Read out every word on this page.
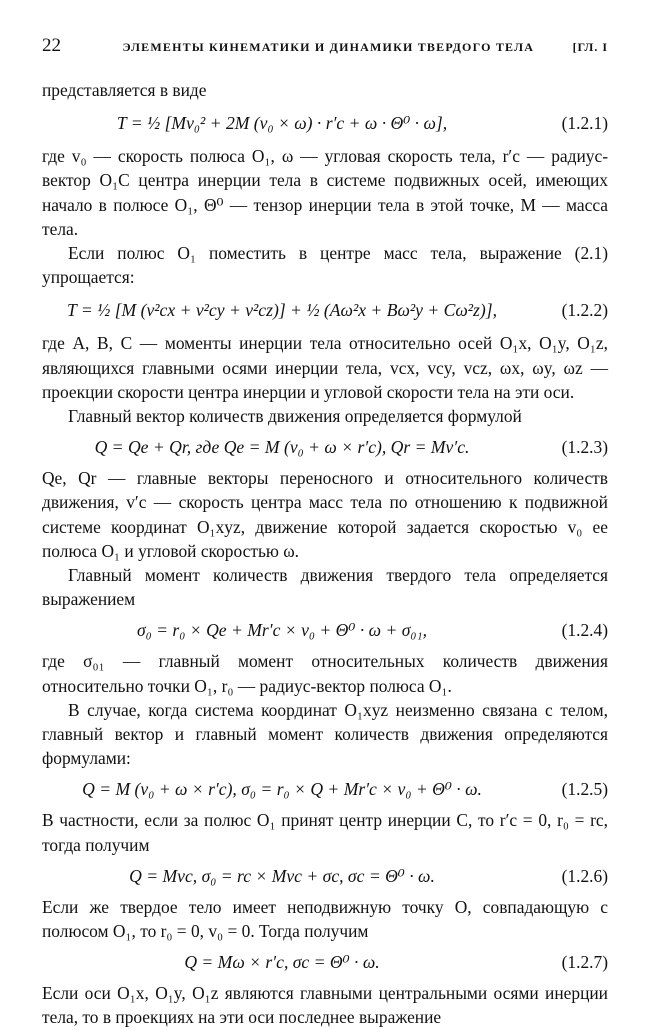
22	ЭЛЕМЕНТЫ КИНЕМАТИКИ И ДИНАМИКИ ТВЕРДОГО ТЕЛА	[ГЛ. I

представляется в виде

T = ½ [Mv₀² + 2M (v₀ × ω) · r′c + ω · Θ⁰ · ω],	(1.2.1)

где v₀ — скорость полюса O₁, ω — угловая скорость тела, r′c — радиус-вектор O₁C центра инерции тела в системе подвижных осей, имеющих начало в полюсе O₁, Θ⁰ — тензор инерции тела в этой точке, M — масса тела.

Если полюс O₁ поместить в центре масс тела, выражение (2.1) упрощается:

T = ½ [M (v²cx + v²cy + v²cz)] + ½ (Aω²x + Bω²y + Cω²z)],	(1.2.2)

где A, B, C — моменты инерции тела относительно осей O₁x, O₁y, O₁z, являющихся главными осями инерции тела, vcx, vcy, vcz, ωx, ωy, ωz — проекции скорости центра инерции и угловой скорости тела на эти оси.

Главный вектор количеств движения определяется формулой

Q = Qe + Qr, где Qe = M (v₀ + ω × r′c), Qr = Mv′c.	(1.2.3)

Qe, Qr — главные векторы переносного и относительного количеств движения, v′c — скорость центра масс тела по отношению к подвижной системе координат O₁xyz, движение которой задается скоростью v₀ ее полюса O₁ и угловой скоростью ω.

Главный момент количеств движения твердого тела определяется выражением

σ₀ = r₀ × Qe + Mr′c × v₀ + Θ⁰ · ω + σ₀₁,	(1.2.4)

где σ₀₁ — главный момент относительных количеств движения относительно точки O₁, r₀ — радиус-вектор полюса O₁.

В случае, когда система координат O₁xyz неизменно связана с телом, главный вектор и главный момент количеств движения определяются формулами:

Q = M (v₀ + ω × r′c), σ₀ = r₀ × Q + Mr′c × v₀ + Θ⁰ · ω.	(1.2.5)

В частности, если за полюс O₁ принят центр инерции C, то r′c = 0, r₀ = rc, тогда получим

Q = Mvc, σ₀ = rc × Mvc + σc, σc = Θ⁰ · ω.	(1.2.6)

Если же твердое тело имеет неподвижную точку O, совпадающую с полюсом O₁, то r₀ = 0, v₀ = 0. Тогда получим

Q = Mω × r′c, σc = Θ⁰ · ω.	(1.2.7)

Если оси O₁x, O₁y, O₁z являются главными центральными осями инерции тела, то в проекциях на эти оси последнее выражение
